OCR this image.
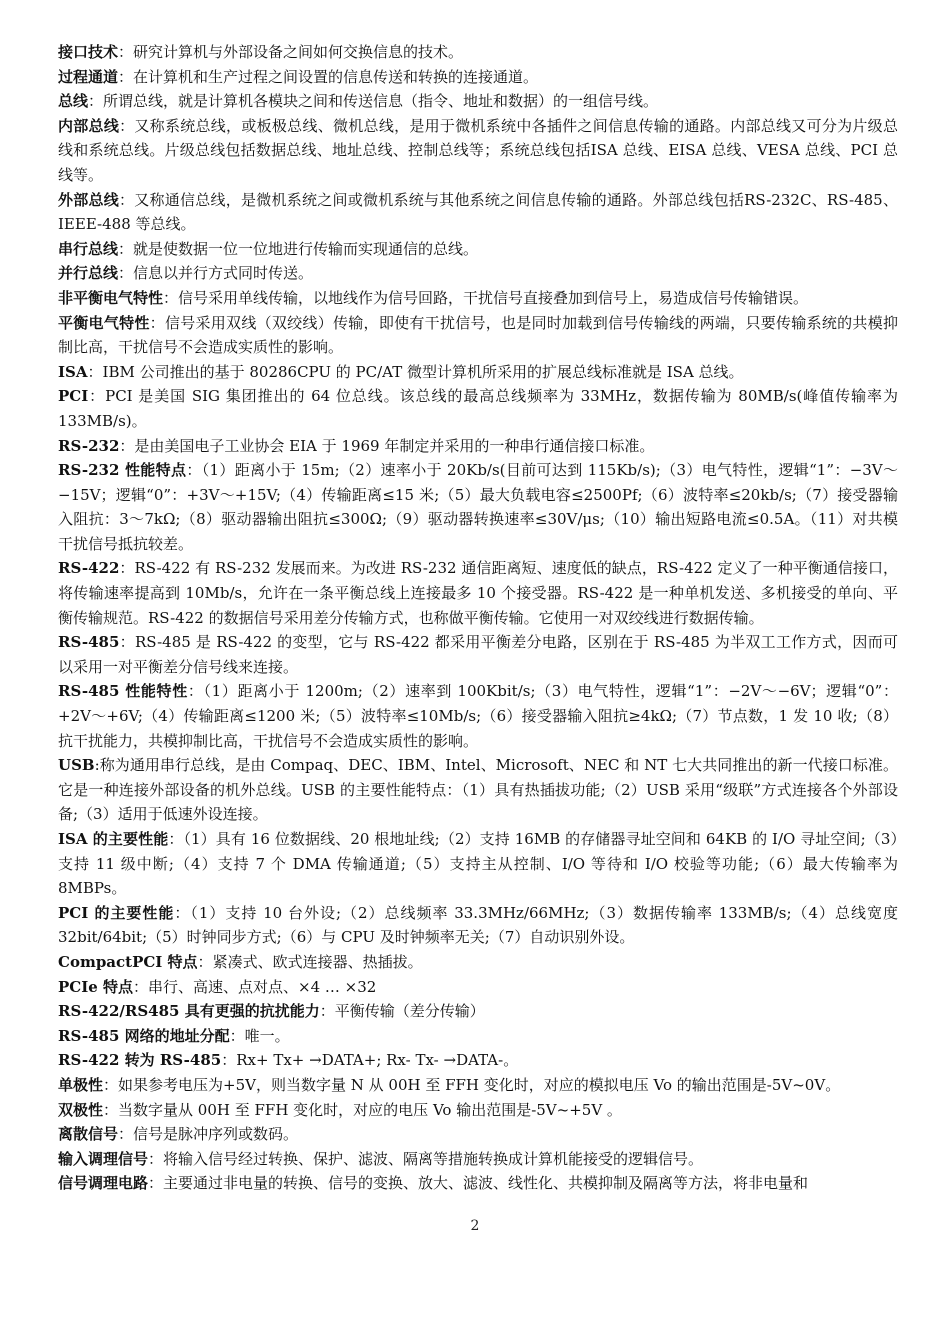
接口技术：研究计算机与外部设备之间如何交换信息的技术。

过程通道：在计算机和生产过程之间设置的信息传送和转换的连接通道。

总线：所谓总线，就是计算机各模块之间和传送信息（指令、地址和数据）的一组信号线。

内部总线：又称系统总线，或板极总线、微机总线，是用于微机系统中各插件之间信息传输的通路。内部总线又可分为片级总线和系统总线。片级总线包括数据总线、地址总线、控制总线等；系统总线包括ISA 总线、EISA 总线、VESA 总线、PCI 总线等。

外部总线：又称通信总线，是微机系统之间或微机系统与其他系统之间信息传输的通路。外部总线包括RS-232C、RS-485、IEEE-488 等总线。

串行总线：就是使数据一位一位地进行传输而实现通信的总线。

并行总线：信息以并行方式同时传送。

非平衡电气特性：信号采用单线传输，以地线作为信号回路，干扰信号直接叠加到信号上，易造成信号传输错误。

平衡电气特性：信号采用双线（双绞线）传输，即使有干扰信号，也是同时加载到信号传输线的两端，只要传输系统的共模抑制比高，干扰信号不会造成实质性的影响。

ISA：IBM 公司推出的基于 80286CPU 的 PC/AT 微型计算机所采用的扩展总线标准就是 ISA 总线。

PCI：PCI 是美国 SIG 集团推出的 64 位总线。该总线的最高总线频率为 33MHz，数据传输为 80MB/s(峰值传输率为 133MB/s)。

RS-232：是由美国电子工业协会 EIA 于 1969 年制定并采用的一种串行通信接口标准。

RS-232 性能特点：（1）距离小于 15m;（2）速率小于 20Kb/s(目前可达到 115Kb/s);（3）电气特性，逻辑“1”：−3V～−15V；逻辑“0”：+3V～+15V;（4）传输距离≤15 米;（5）最大负载电容≤2500Pf;（6）波特率≤20kb/s;（7）接受器输入阻抗：3～7kΩ;（8）驱动器输出阻抗≤300Ω;（9）驱动器转换速率≤30V/μs;（10）输出短路电流≤0.5A。（11）对共模干扰信号抵抗较差。

RS-422：RS-422 有 RS-232 发展而来。为改进 RS-232 通信距离短、速度低的缺点，RS-422 定义了一种平衡通信接口，将传输速率提高到 10Mb/s，允许在一条平衡总线上连接最多 10 个接受器。RS-422 是一种单机发送、多机接受的单向、平衡传输规范。RS-422 的数据信号采用差分传输方式，也称做平衡传输。它使用一对双绞线进行数据传输。

RS-485：RS-485 是 RS-422 的变型，它与 RS-422 都采用平衡差分电路，区别在于 RS-485 为半双工工作方式，因而可以采用一对平衡差分信号线来连接。

RS-485 性能特性：（1）距离小于 1200m;（2）速率到 100Kbit/s;（3）电气特性，逻辑“1”：−2V～−6V；逻辑“0”：+2V～+6V;（4）传输距离≤1200 米;（5）波特率≤10Mb/s;（6）接受器输入阻抗≥4kΩ;（7）节点数，1 发 10 收;（8）抗干扰能力，共模抑制比高，干扰信号不会造成实质性的影响。

USB:称为通用串行总线，是由 Compaq、DEC、IBM、Intel、Microsoft、NEC 和 NT 七大共同推出的新一代接口标准。它是一种连接外部设备的机外总线。USB 的主要性能特点：（1）具有热插拔功能;（2）USB 采用“级联”方式连接各个外部设备;（3）适用于低速外设连接。

ISA 的主要性能：（1）具有 16 位数据线、20 根地址线;（2）支持 16MB 的存储器寻址空间和 64KB 的 I/O 寻址空间;（3）支持 11 级中断;（4）支持 7 个 DMA 传输通道;（5）支持主从控制、I/O 等待和 I/O 校验等功能;（6）最大传输率为 8MBPs。

PCI 的主要性能：（1）支持 10 台外设;（2）总线频率 33.3MHz/66MHz;（3）数据传输率 133MB/s;（4）总线宽度 32bit/64bit;（5）时钟同步方式;（6）与 CPU 及时钟频率无关;（7）自动识别外设。

CompactPCI 特点：紧凑式、欧式连接器、热插拔。

PCIe 特点：串行、高速、点对点、×4 … ×32

RS-422/RS485 具有更强的抗扰能力：平衡传输（差分传输）

RS-485 网络的地址分配：唯一。

RS-422 转为 RS-485：Rx+ Tx+ →DATA+; Rx- Tx- →DATA-。

单极性：如果参考电压为+5V，则当数字量 N 从 00H 至 FFH 变化时，对应的模拟电压 Vo 的输出范围是-5V~0V。

双极性：当数字量从 00H 至 FFH 变化时，对应的电压 Vo 输出范围是-5V~+5V 。

离散信号：信号是脉冲序列或数码。

输入调理信号：将输入信号经过转换、保护、滤波、隔离等措施转换成计算机能接受的逻辑信号。

信号调理电路：主要通过非电量的转换、信号的变换、放大、滤波、线性化、共模抑制及隔离等方法，将非电量和

2
